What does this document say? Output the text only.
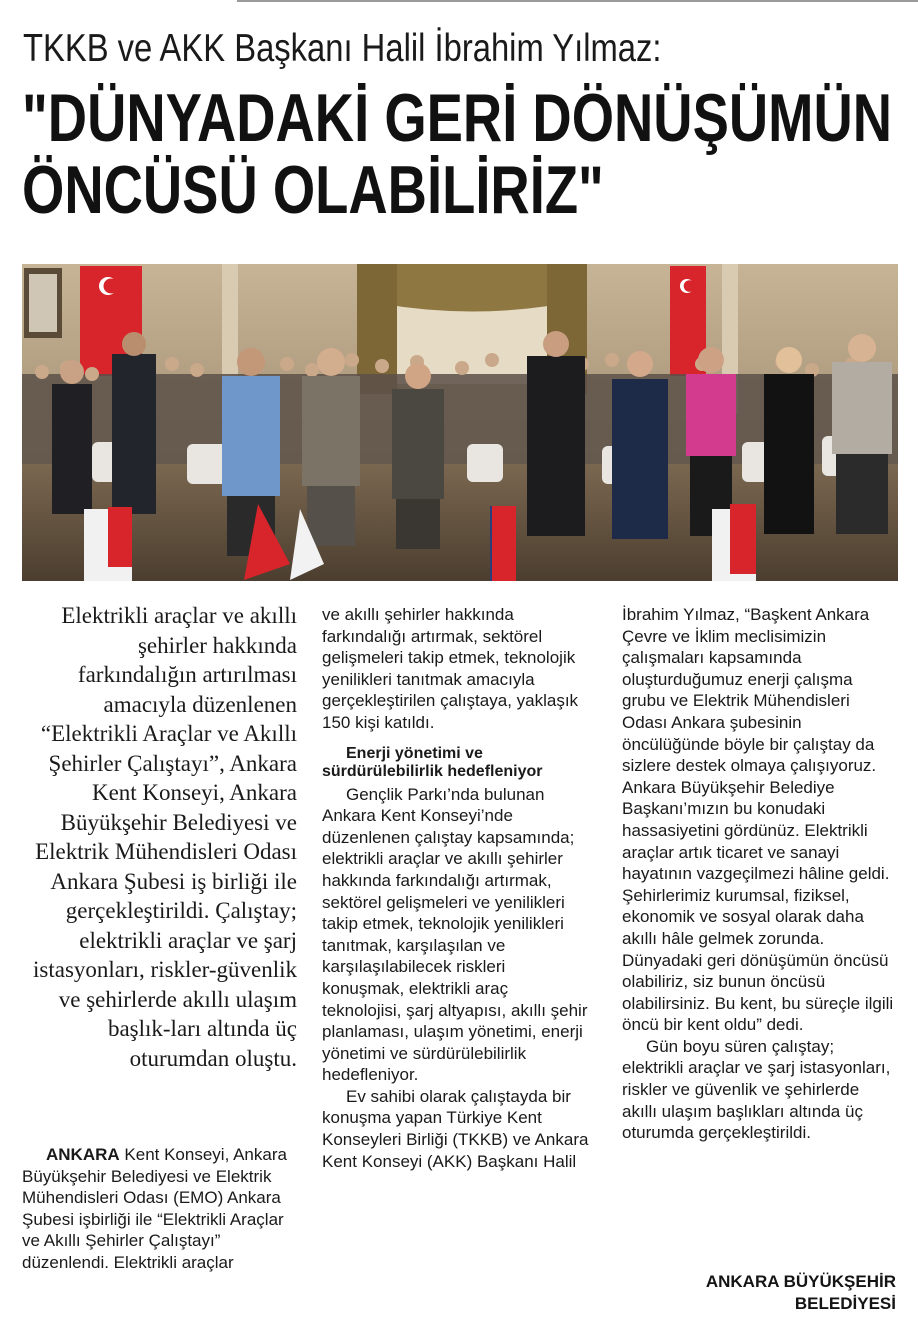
TKKB ve AKK Başkanı Halil İbrahim Yılmaz:
"DÜNYADAKİ GERİ DÖNÜŞÜMÜN
ÖNCÜSÜ OLABİLİRİZ"

Elektrikli araçlar ve akıllı şehirler hakkında farkındalığın artırılması amacıyla düzenlenen “Elektrikli Araçlar ve Akıllı Şehirler Çalıştayı”, Ankara Kent Konseyi, Ankara Büyükşehir Belediyesi ve Elektrik Mühendisleri Odası Ankara Şubesi iş birliği ile gerçekleştirildi. Çalıştay; elektrikli araçlar ve şarj istasyonları, riskler-güvenlik ve şehirlerde akıllı ulaşım başlık-ları altında üç oturumdan oluştu.

ANKARA Kent Konseyi, Ankara Büyükşehir Belediyesi ve Elektrik Mühendisleri Odası (EMO) Ankara Şubesi işbirliği ile “Elektrikli Araçlar ve Akıllı Şehirler Çalıştayı” düzenlendi. Elektrikli araçlar

ve akıllı şehirler hakkında farkındalığı artırmak, sektörel gelişmeleri takip etmek, teknolojik yenilikleri tanıtmak amacıyla gerçekleştirilen çalıştaya, yaklaşık 150 kişi katıldı.

Enerji yönetimi ve sürdürülebilirlik hedefleniyor

Gençlik Parkı’nda bulunan Ankara Kent Konseyi’nde düzenlenen çalıştay kapsamında; elektrikli araçlar ve akıllı şehirler hakkında farkındalığı artırmak, sektörel gelişmeleri ve yenilikleri takip etmek, teknolojik yenilikleri tanıtmak, karşılaşılan ve karşılaşılabilecek riskleri konuşmak, elektrikli araç teknolojisi, şarj altyapısı, akıllı şehir planlaması, ulaşım yönetimi, enerji yönetimi ve sürdürülebilirlik hedefleniyor.

Ev sahibi olarak çalıştayda bir konuşma yapan Türkiye Kent Konseyleri Birliği (TKKB) ve Ankara Kent Konseyi (AKK) Başkanı Halil

İbrahim Yılmaz, “Başkent Ankara Çevre ve İklim meclisimizin çalışmaları kapsamında oluşturduğumuz enerji çalışma grubu ve Elektrik Mühendisleri Odası Ankara şubesinin öncülüğünde böyle bir çalıştay da sizlere destek olmaya çalışıyoruz. Ankara Büyükşehir Belediye Başkanı’mızın bu konudaki hassasiyetini gördünüz. Elektrikli araçlar artık ticaret ve sanayi hayatının vazgeçilmezi hâline geldi. Şehirlerimiz kurumsal, fiziksel, ekonomik ve sosyal olarak daha akıllı hâle gelmek zorunda. Dünyadaki geri dönüşümün öncüsü olabiliriz, siz bunun öncüsü olabilirsiniz. Bu kent, bu süreçle ilgili öncü bir kent oldu” dedi.

Gün boyu süren çalıştay; elektrikli araçlar ve şarj istasyonları, riskler ve güvenlik ve şehirlerde akıllı ulaşım başlıkları altında üç oturumda gerçekleştirildi.

ANKARA BÜYÜKŞEHİR
BELEDİYESİ
